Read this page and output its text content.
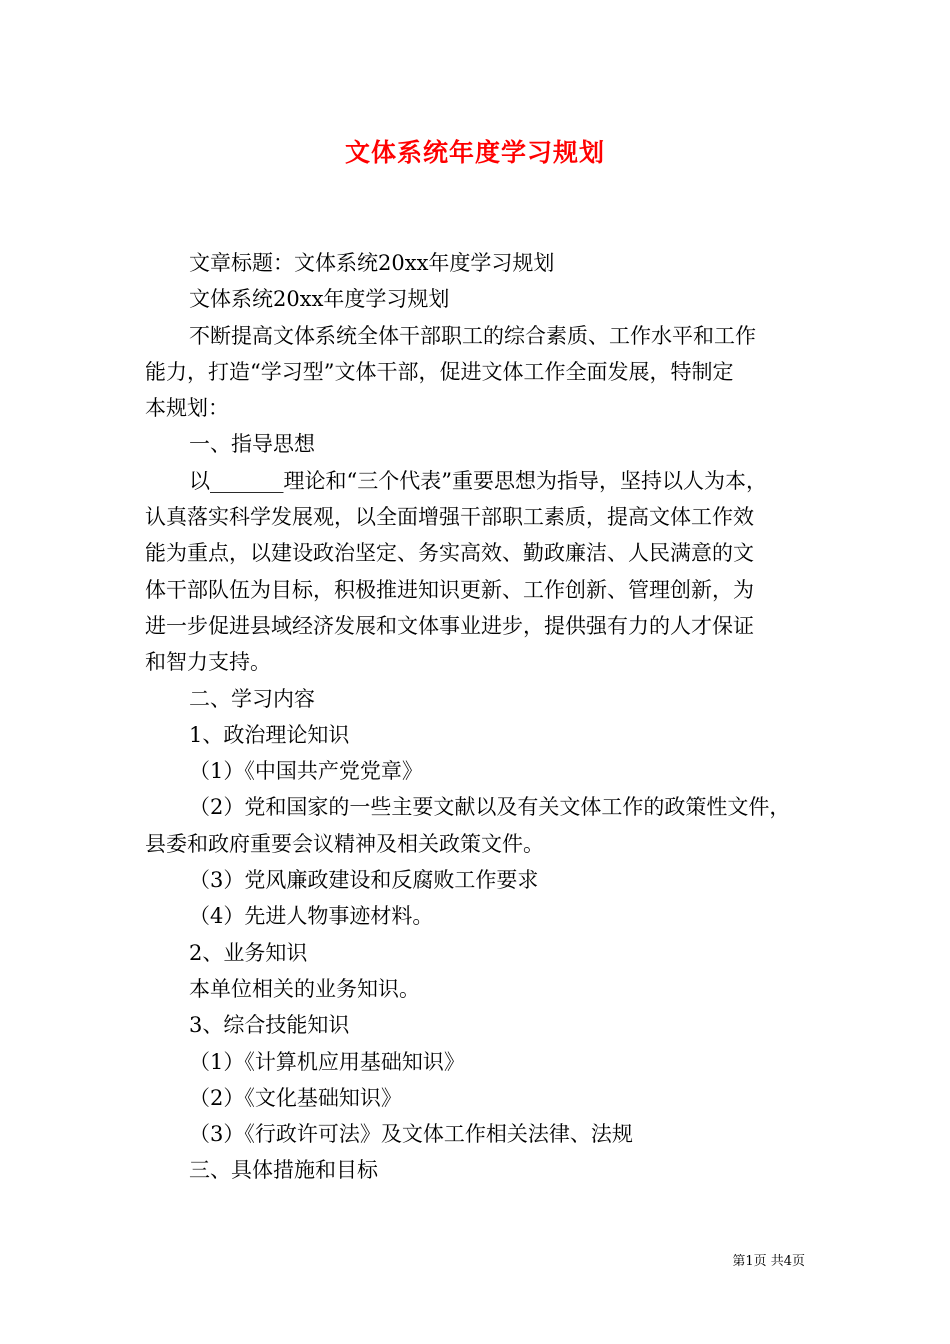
文体系统年度学习规划
文章标题：文体系统20xx年度学习规划
文体系统20xx年度学习规划
不断提高文体系统全体干部职工的综合素质、工作水平和工作
能力，打造“学习型”文体干部，促进文体工作全面发展，特制定
本规划：
一、指导思想
以_______理论和“三个代表”重要思想为指导，坚持以人为本，
认真落实科学发展观，以全面增强干部职工素质，提高文体工作效
能为重点，以建设政治坚定、务实高效、勤政廉洁、人民满意的文
体干部队伍为目标，积极推进知识更新、工作创新、管理创新，为
进一步促进县域经济发展和文体事业进步，提供强有力的人才保证
和智力支持。
二、学习内容
1、政治理论知识
（1）《中国共产党党章》
（2）党和国家的一些主要文献以及有关文体工作的政策性文件，
县委和政府重要会议精神及相关政策文件。
（3）党风廉政建设和反腐败工作要求
（4）先进人物事迹材料。
2、业务知识
本单位相关的业务知识。
3、综合技能知识
（1）《计算机应用基础知识》
（2）《文化基础知识》
（3）《行政许可法》及文体工作相关法律、法规
三、具体措施和目标
第1页 共4页
